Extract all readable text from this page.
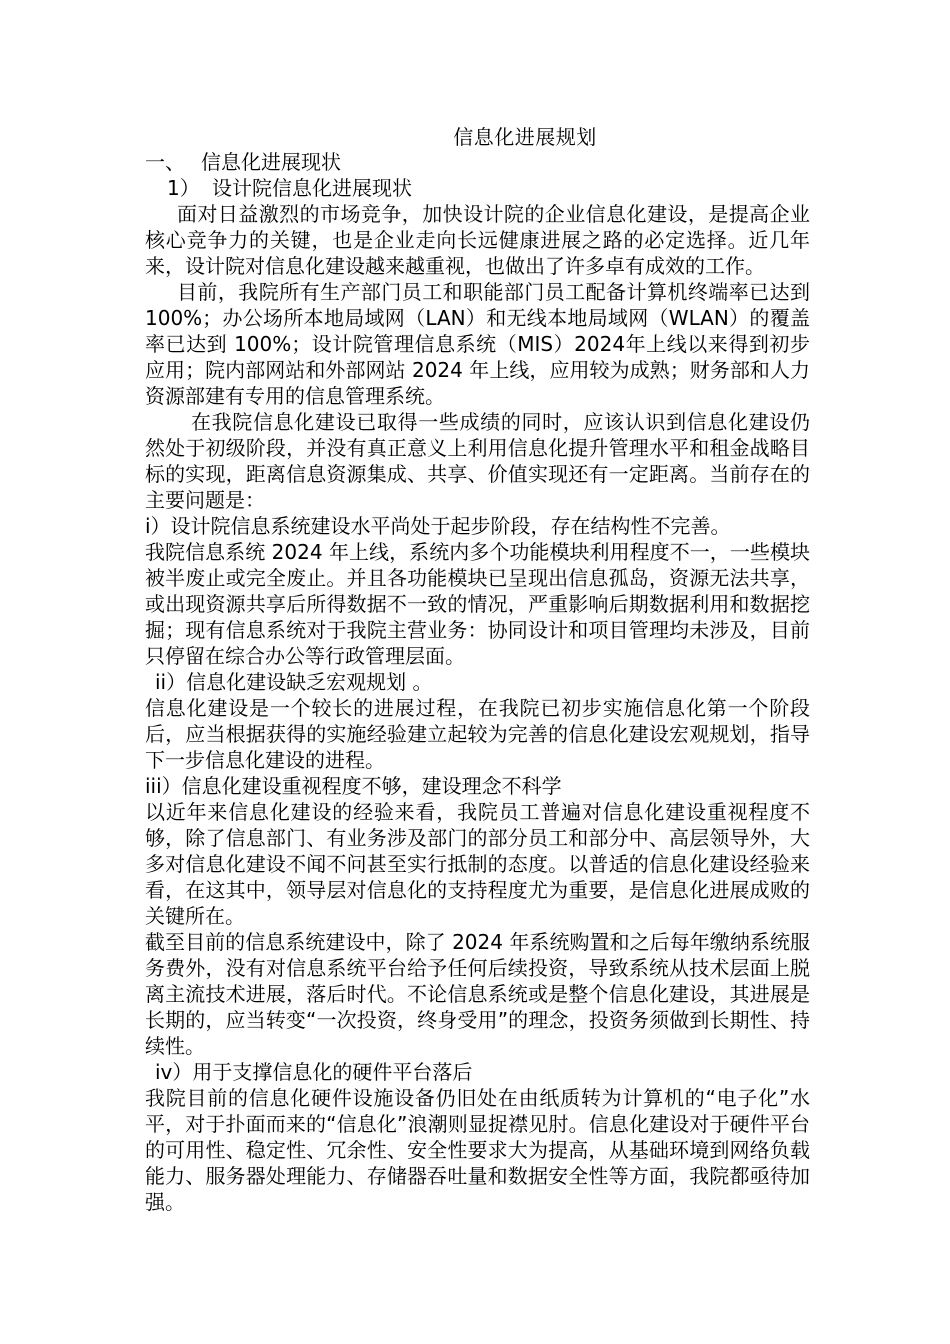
信息化进展规划

一、 信息化进展现状

1） 设计院信息化进展现状

面对日益激烈的市场竞争，加快设计院的企业信息化建设，是提高企业核心竞争力的关键，也是企业走向长远健康进展之路的必定选择。近几年来，设计院对信息化建设越来越重视，也做出了许多卓有成效的工作。

目前，我院所有生产部门员工和职能部门员工配备计算机终端率已达到 100%；办公场所本地局域网（LAN）和无线本地局域网（WLAN）的覆盖率已达到 100%；设计院管理信息系统（MIS）2024年上线以来得到初步应用；院内部网站和外部网站 2024 年上线，应用较为成熟；财务部和人力资源部建有专用的信息管理系统。

在我院信息化建设已取得一些成绩的同时，应该认识到信息化建设仍然处于初级阶段，并没有真正意义上利用信息化提升管理水平和租金战略目标的实现，距离信息资源集成、共享、价值实现还有一定距离。当前存在的主要问题是：

i）设计院信息系统建设水平尚处于起步阶段，存在结构性不完善。

我院信息系统 2024 年上线，系统内多个功能模块利用程度不一，一些模块被半废止或完全废止。并且各功能模块已呈现出信息孤岛，资源无法共享，或出现资源共享后所得数据不一致的情况，严重影响后期数据利用和数据挖掘；现有信息系统对于我院主营业务：协同设计和项目管理均未涉及，目前只停留在综合办公等行政管理层面。

ii）信息化建设缺乏宏观规划 。

信息化建设是一个较长的进展过程，在我院已初步实施信息化第一个阶段后，应当根据获得的实施经验建立起较为完善的信息化建设宏观规划，指导下一步信息化建设的进程。

iii）信息化建设重视程度不够，建设理念不科学

以近年来信息化建设的经验来看，我院员工普遍对信息化建设重视程度不够，除了信息部门、有业务涉及部门的部分员工和部分中、高层领导外，大多对信息化建设不闻不问甚至实行抵制的态度。以普适的信息化建设经验来看，在这其中，领导层对信息化的支持程度尤为重要，是信息化进展成败的关键所在。

截至目前的信息系统建设中，除了 2024 年系统购置和之后每年缴纳系统服务费外，没有对信息系统平台给予任何后续投资，导致系统从技术层面上脱离主流技术进展，落后时代。不论信息系统或是整个信息化建设，其进展是长期的，应当转变“一次投资，终身受用”的理念，投资务须做到长期性、持续性。

iv）用于支撑信息化的硬件平台落后

我院目前的信息化硬件设施设备仍旧处在由纸质转为计算机的“电子化”水平，对于扑面而来的“信息化”浪潮则显捉襟见肘。信息化建设对于硬件平台的可用性、稳定性、冗余性、安全性要求大为提高，从基础环境到网络负载能力、服务器处理能力、存储器吞吐量和数据安全性等方面，我院都亟待加强。
